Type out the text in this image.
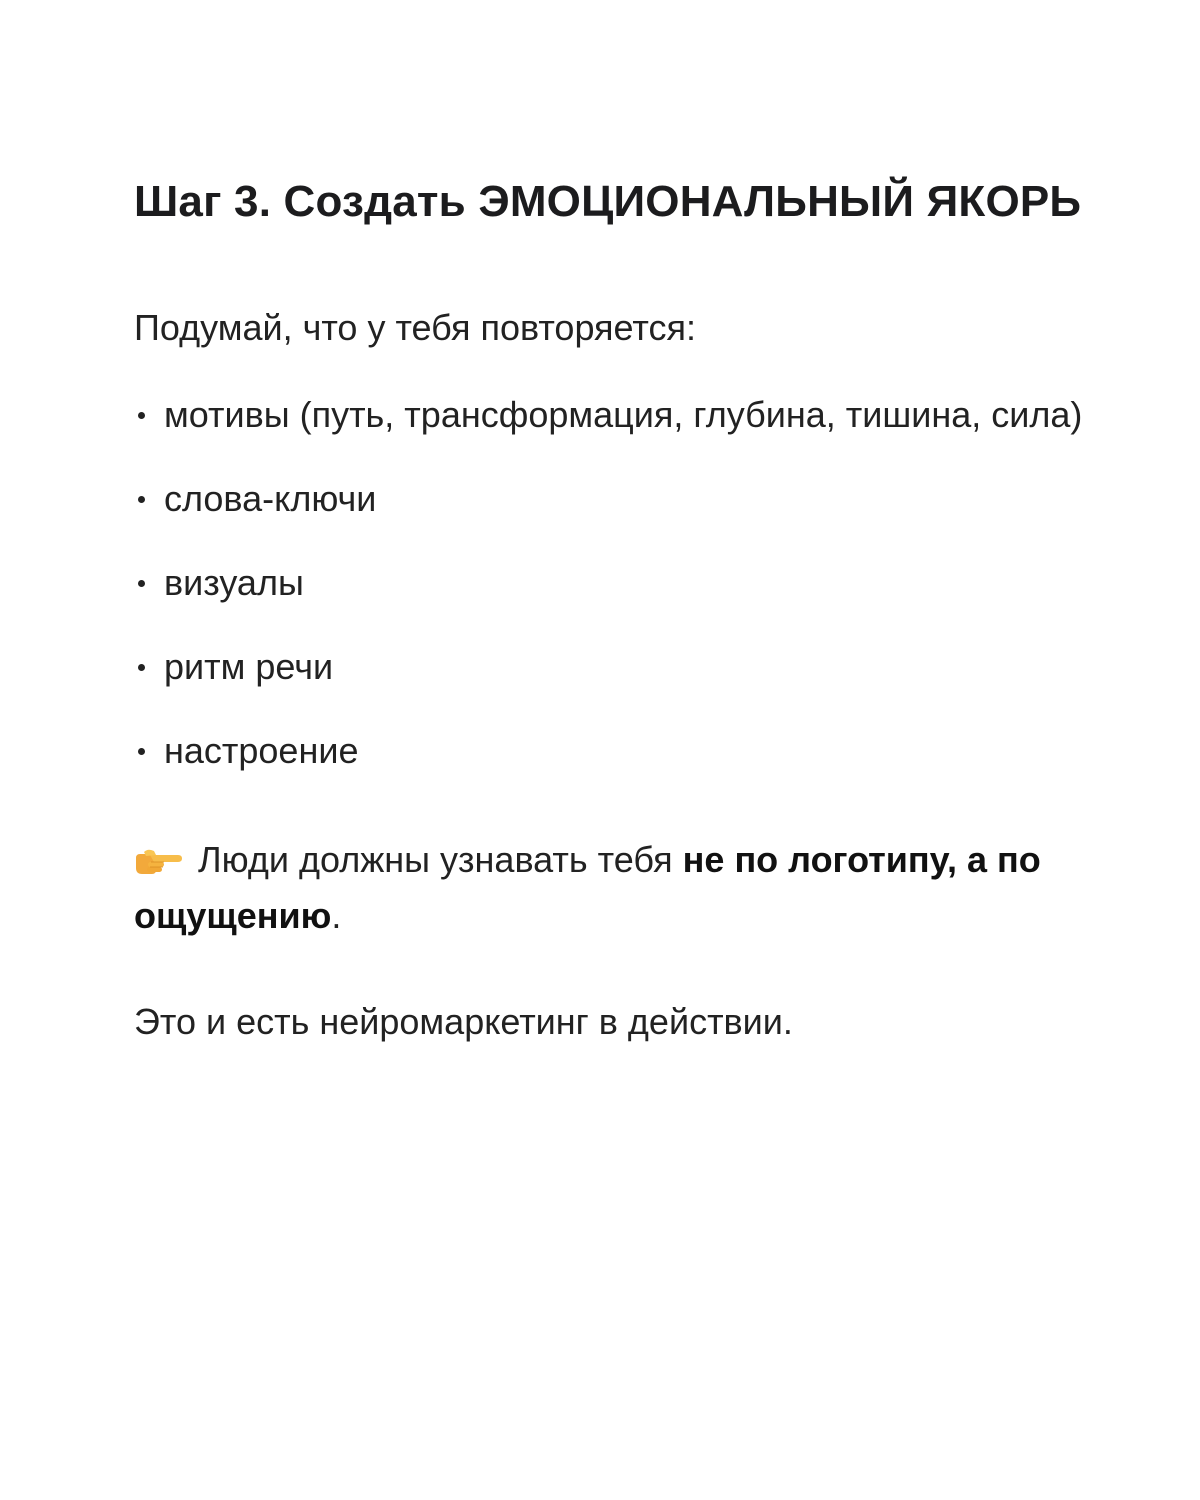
Шаг 3. Создать ЭМОЦИОНАЛЬНЫЙ ЯКОРЬ

Подумай, что у тебя повторяется:

мотивы (путь, трансформация, глубина, тишина, сила)
слова-ключи
визуалы
ритм речи
настроение

Люди должны узнавать тебя не по логотипу, а по ощущению.

Это и есть нейромаркетинг в действии.
